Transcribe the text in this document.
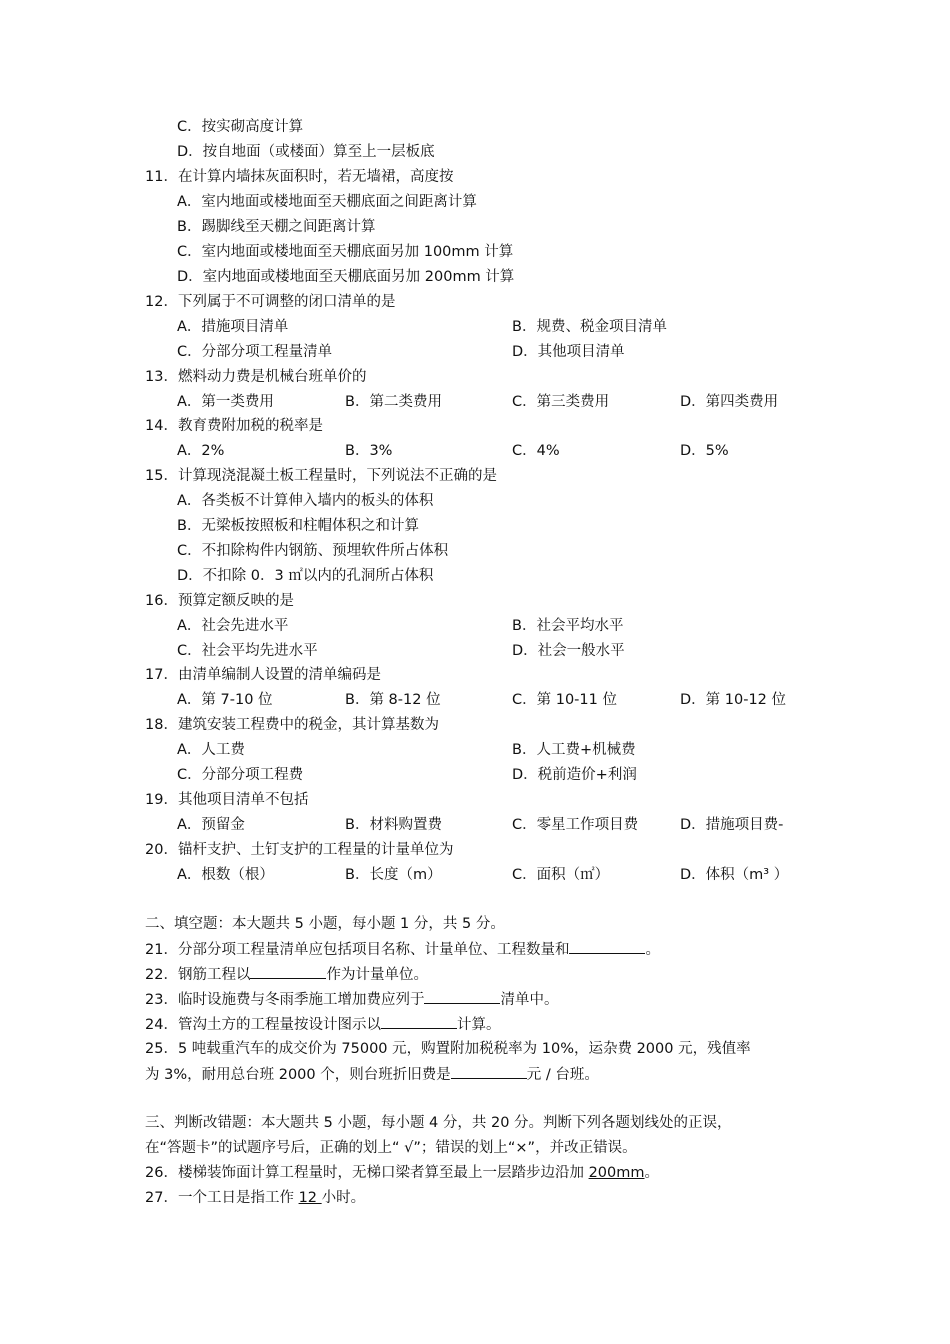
C．按实砌高度计算
D．按自地面（或楼面）算至上一层板底
11．在计算内墙抹灰面积时，若无墙裙，高度按
A．室内地面或楼地面至天棚底面之间距离计算
B．踢脚线至天棚之间距离计算
C．室内地面或楼地面至天棚底面另加 100mm 计算
D．室内地面或楼地面至天棚底面另加 200mm 计算
12．下列属于不可调整的闭口清单的是
A．措施项目清单	B．规费、税金项目清单
C．分部分项工程量清单	D．其他项目清单
13．燃料动力费是机械台班单价的
A．第一类费用	B．第二类费用	C．第三类费用	D．第四类费用
14．教育费附加税的税率是
A．2%	B．3%	C．4%	D．5%
15．计算现浇混凝土板工程量时，下列说法不正确的是
A．各类板不计算伸入墙内的板头的体积
B．无梁板按照板和柱帽体积之和计算
C．不扣除构件内钢筋、预埋软件所占体积
D．不扣除 0．3 ㎡以内的孔洞所占体积
16．预算定额反映的是
A．社会先进水平	B．社会平均水平
C．社会平均先进水平	D．社会一般水平
17．由清单编制人设置的清单编码是
A．第 7-10 位	B．第 8-12 位	C．第 10-11 位	D．第 10-12 位
18．建筑安装工程费中的税金，其计算基数为
A．人工费	B．人工费+机械费
C．分部分项工程费	D．税前造价+利润
19．其他项目清单不包括
A．预留金	B．材料购置费	C．零星工作项目费	D．措施项目费-
20．锚杆支护、土钉支护的工程量的计量单位为
A．根数（根）	B．长度（m）	C．面积（㎡）	D．体积（m³ ）
二、填空题：本大题共 5 小题，每小题 1 分，共 5 分。
21．分部分项工程量清单应包括项目名称、计量单位、工程数量和	。
22．钢筋工程以	作为计量单位。
23．临时设施费与冬雨季施工增加费应列于	清单中。
24．管沟土方的工程量按设计图示以	计算。
25．5 吨载重汽车的成交价为 75000 元，购置附加税税率为 10%，运杂费 2000 元，残值率
为 3%，耐用总台班 2000 个，则台班折旧费是	元 / 台班。
三、判断改错题：本大题共 5 小题，每小题 4 分，共 20 分。判断下列各题划线处的正误，
在“答题卡”的试题序号后，正确的划上“ √”；错误的划上“×”，并改正错误。
26．楼梯装饰面计算工程量时，无梯口梁者算至最上一层踏步边沿加 200mm。
27．一个工日是指工作 12 小时。
